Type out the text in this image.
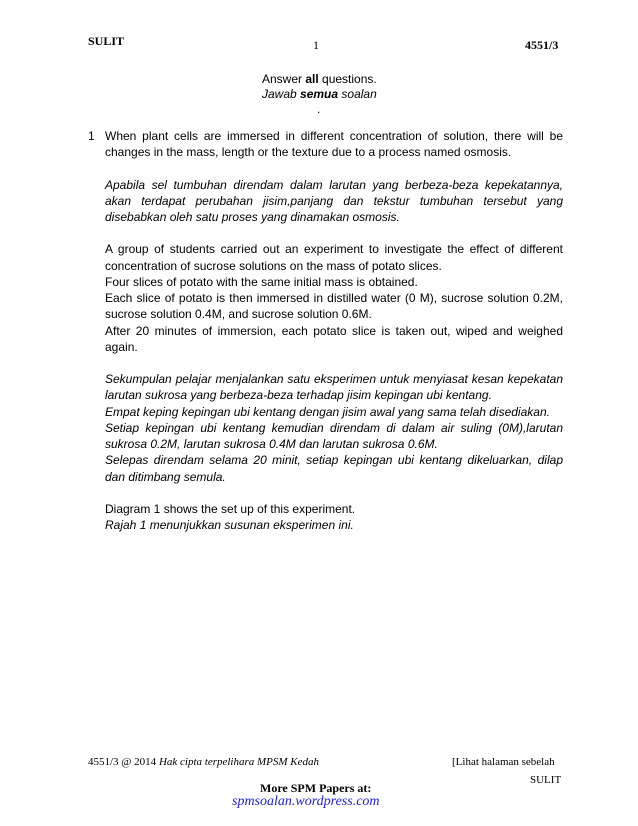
SULIT	1	4551/3
Answer all questions.
Jawab semua soalan
.
1 When plant cells are immersed in different concentration of solution, there will be changes in the mass, length or the texture due to a process named osmosis.

Apabila sel tumbuhan direndam dalam larutan yang berbeza-beza kepekatannya, akan terdapat perubahan jisim,panjang dan tekstur tumbuhan tersebut yang disebabkan oleh satu proses yang dinamakan osmosis.

A group of students carried out an experiment to investigate the effect of different concentration of sucrose solutions on the mass of potato slices.
Four slices of potato with the same initial mass is obtained.
Each slice of potato is then immersed in distilled water (0 M), sucrose solution 0.2M, sucrose solution 0.4M, and sucrose solution 0.6M.
After 20 minutes of immersion, each potato slice is taken out, wiped and weighed again.

Sekumpulan pelajar menjalankan satu eksperimen untuk menyiasat kesan kepekatan larutan sukrosa yang berbeza-beza terhadap jisim kepingan ubi kentang.
Empat keping kepingan ubi kentang dengan jisim awal yang sama telah disediakan.
Setiap kepingan ubi kentang kemudian direndam di dalam air suling (0M),larutan sukrosa 0.2M, larutan sukrosa 0.4M dan larutan sukrosa 0.6M.
Selepas direndam selama 20 minit, setiap kepingan ubi kentang dikeluarkan, dilap dan ditimbang semula.

Diagram 1 shows the set up of this experiment.
Rajah 1 menunjukkan susunan eksperimen ini.

4551/3 @ 2014 Hak cipta terpelihara MPSM Kedah	[Lihat halaman sebelah
SULIT
More SPM Papers at:
spmsoalan.wordpress.com
